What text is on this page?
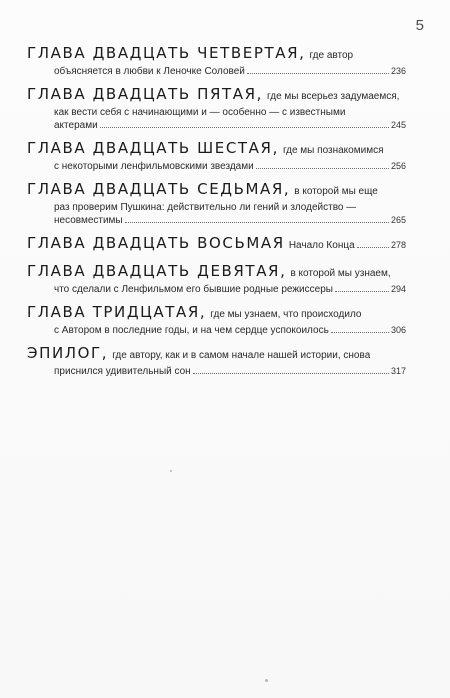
5
ГЛАВА ДВАДЦАТЬ ЧЕТВЕРТАЯ, где автор
объясняется в любви к Леночке Соловей	236
ГЛАВА ДВАДЦАТЬ ПЯТАЯ, где мы всерьез задумаемся,
как вести себя с начинающими и — особенно — с известными
актерами	245
ГЛАВА ДВАДЦАТЬ ШЕСТАЯ, где мы познакомимся
с некоторыми ленфильмовскими звездами	256
ГЛАВА ДВАДЦАТЬ СЕДЬМАЯ, в которой мы еще
раз проверим Пушкина: действительно ли гений и злодейство —
несовместимы	265
ГЛАВА ДВАДЦАТЬ ВОСЬМАЯ Начало Конца	278
ГЛАВА ДВАДЦАТЬ ДЕВЯТАЯ, в которой мы узнаем,
что сделали с Ленфильмом его бывшие родные режиссеры	294
ГЛАВА ТРИДЦАТАЯ, где мы узнаем, что происходило
с Автором в последние годы, и на чем сердце успокоилось	306
ЭПИЛОГ, где автору, как и в самом начале нашей истории, снова
приснился удивительный сон	317
